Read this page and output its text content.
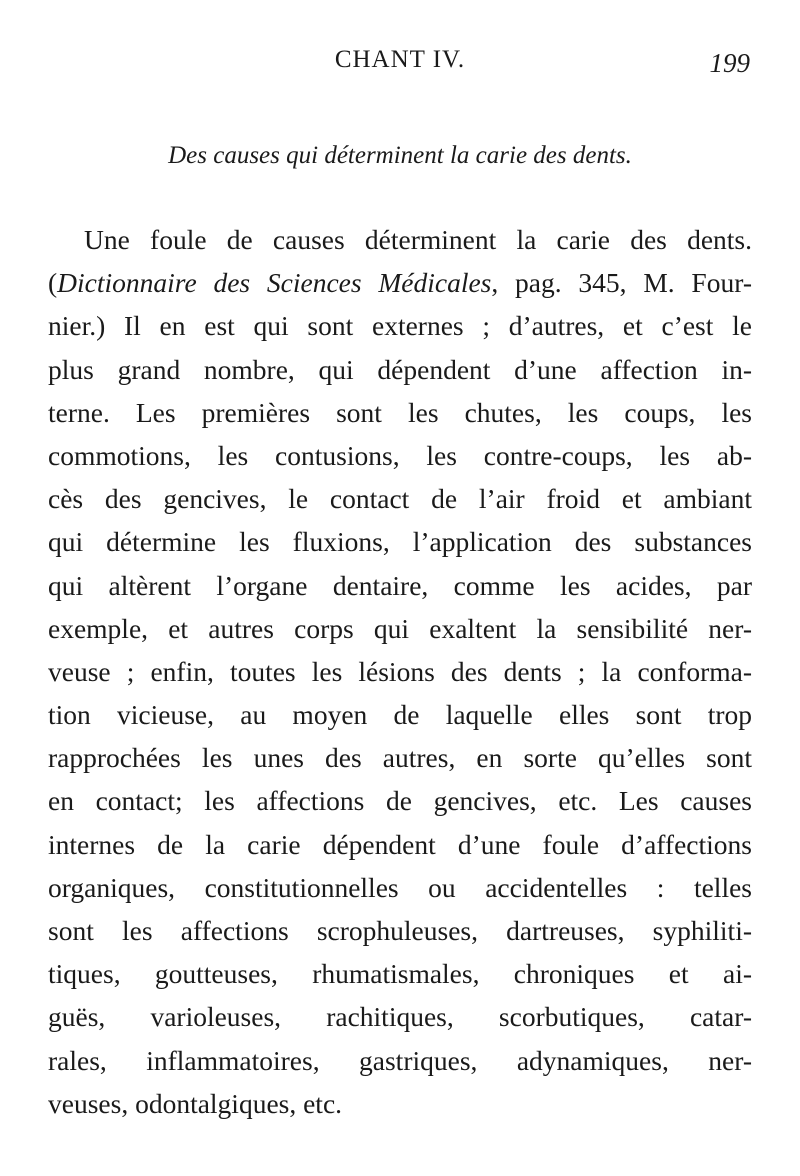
CHANT IV.	199
Des causes qui déterminent la carie des dents.
Une foule de causes déterminent la carie des dents.
(Dictionnaire des Sciences Médicales, pag. 345, M. Four-
nier.) Il en est qui sont externes ; d’autres, et c’est le
plus grand nombre, qui dépendent d’une affection in-
terne. Les premières sont les chutes, les coups, les
commotions, les contusions, les contre-coups, les ab-
cès des gencives, le contact de l’air froid et ambiant
qui détermine les fluxions, l’application des substances
qui altèrent l’organe dentaire, comme les acides, par
exemple, et autres corps qui exaltent la sensibilité ner-
veuse ; enfin, toutes les lésions des dents ; la conforma-
tion vicieuse, au moyen de laquelle elles sont trop
rapprochées les unes des autres, en sorte qu’elles sont
en contact; les affections de gencives, etc. Les causes
internes de la carie dépendent d’une foule d’affections
organiques, constitutionnelles ou accidentelles : telles
sont les affections scrophuleuses, dartreuses, syphiliti-
tiques, goutteuses, rhumatismales, chroniques et ai-
guës, varioleuses, rachitiques, scorbutiques, catar-
rales, inflammatoires, gastriques, adynamiques, ner-
veuses, odontalgiques, etc.
